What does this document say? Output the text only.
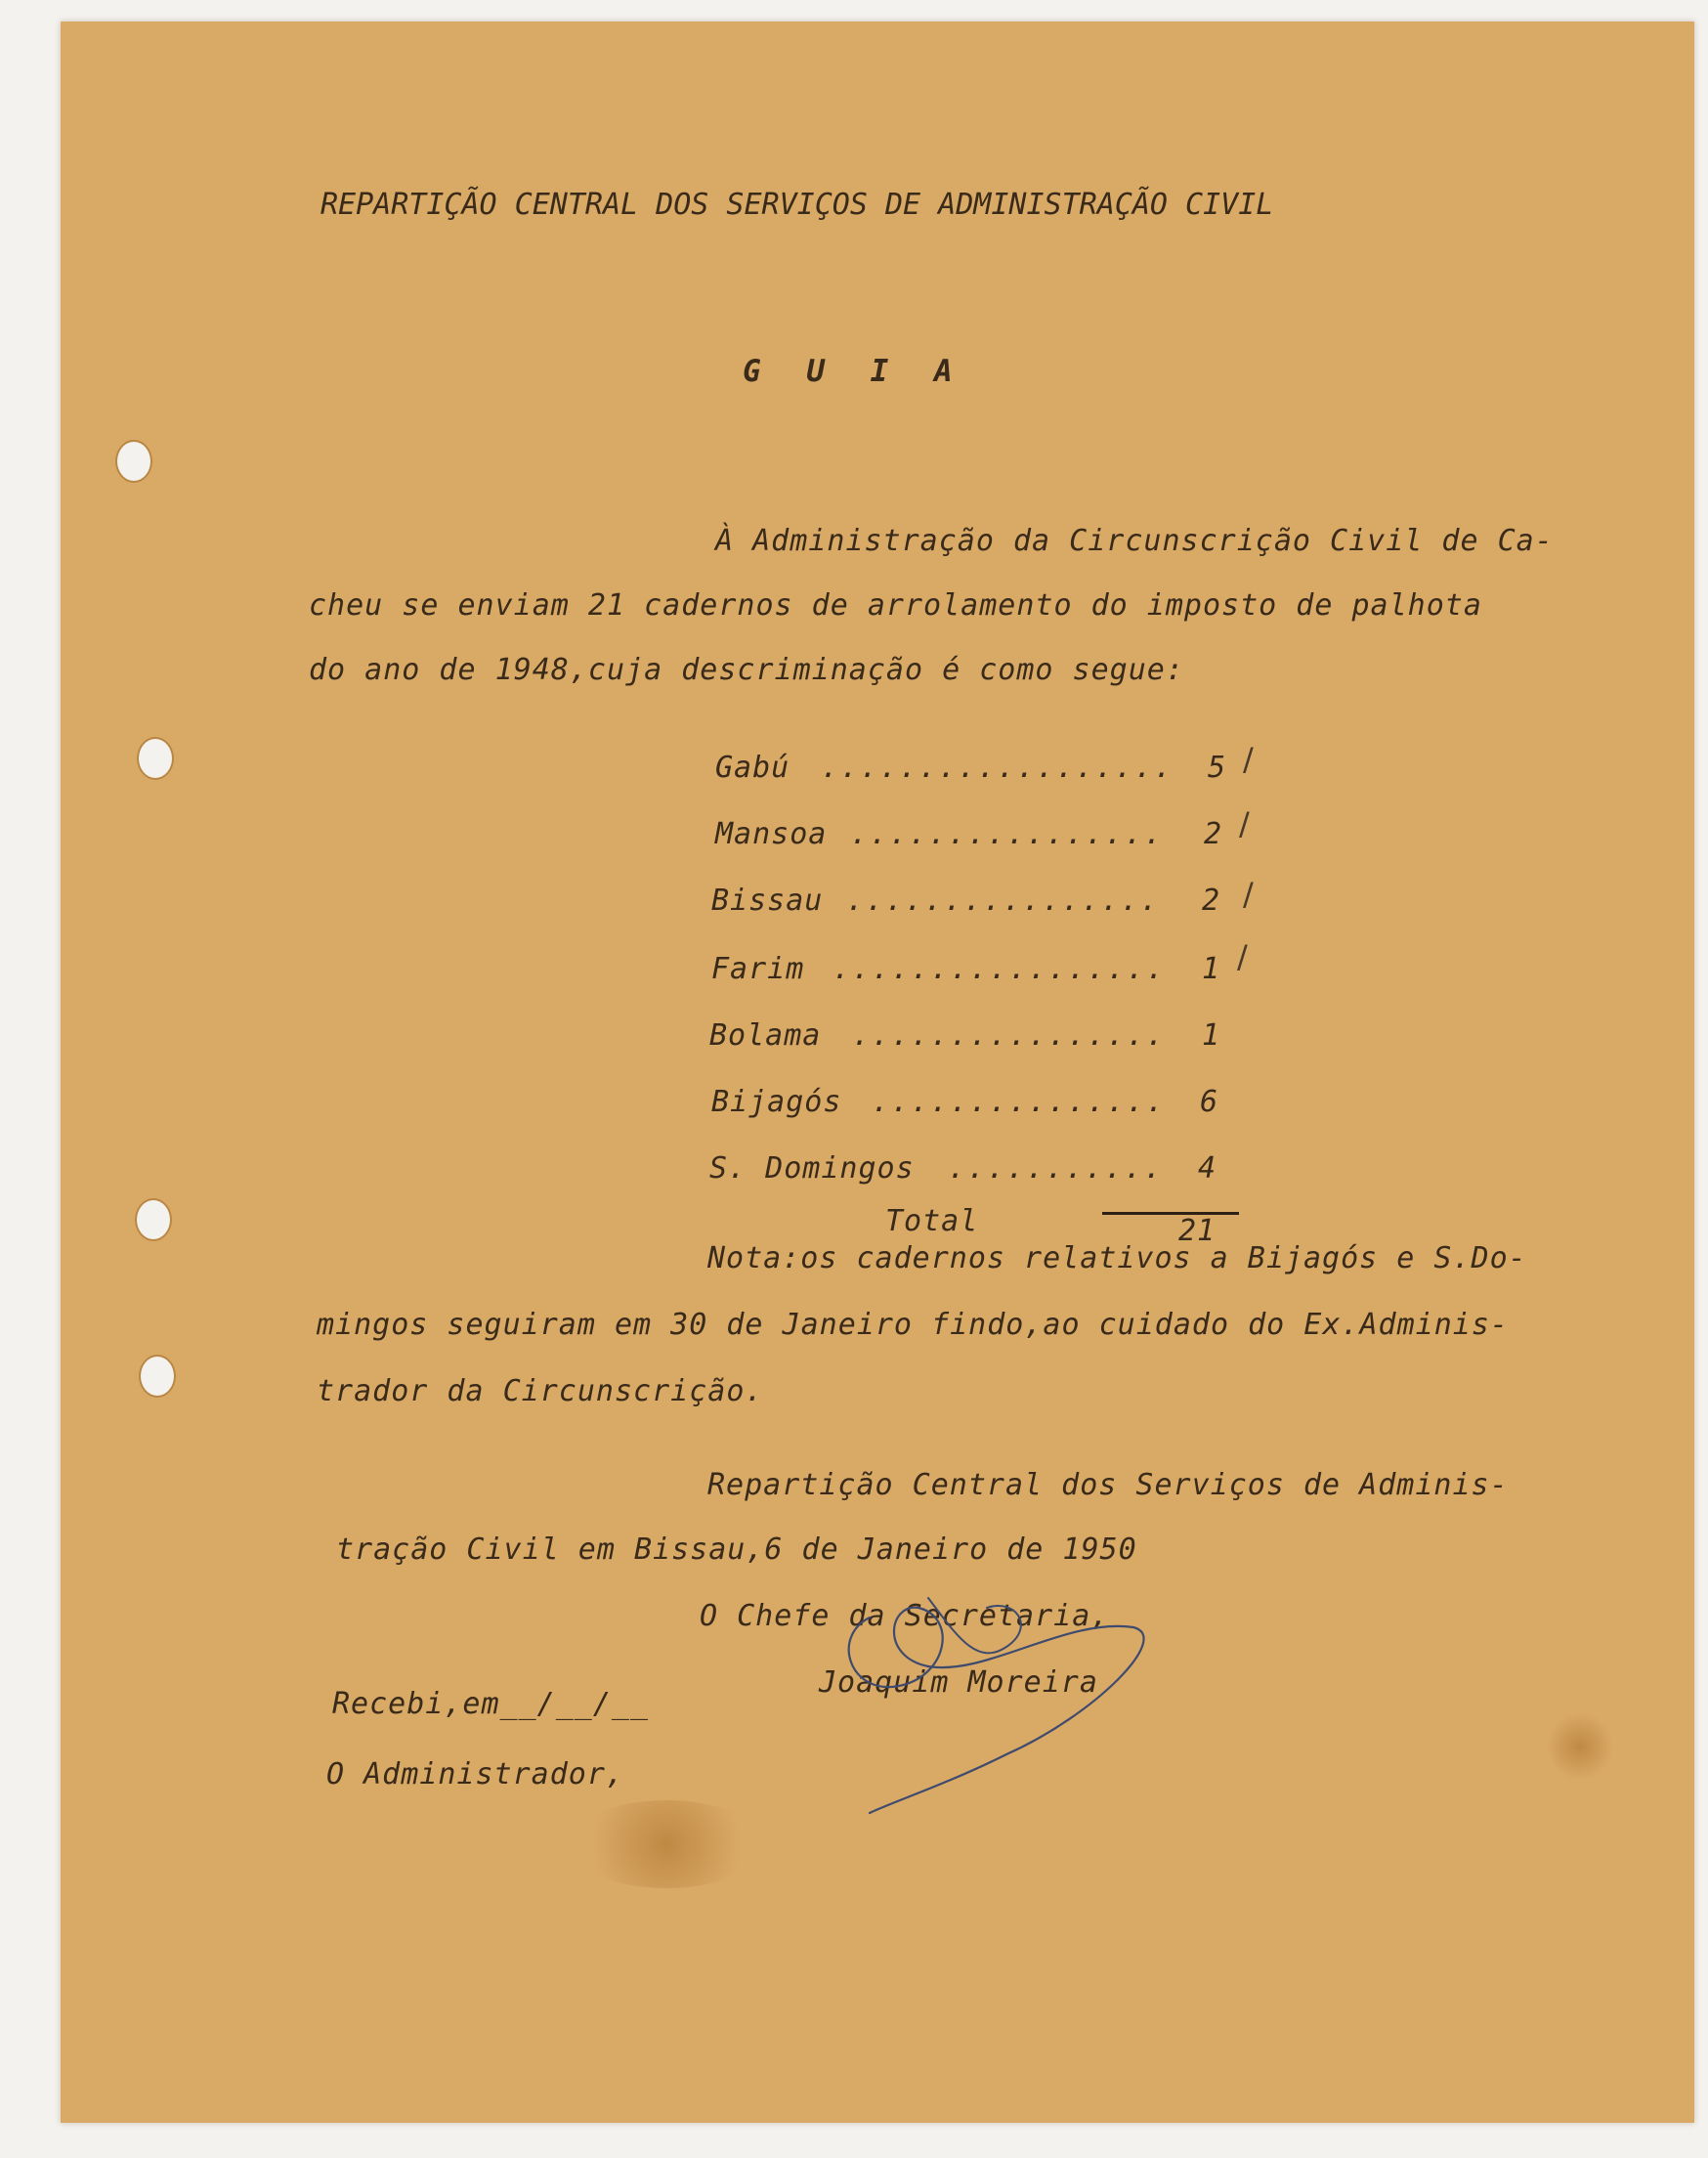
REPARTIÇÃO CENTRAL DOS SERVIÇOS DE ADMINISTRAÇÃO CIVIL
G U I A
À Administração da Circunscrição Civil de Ca-
cheu se enviam 21 cadernos de arrolamento do imposto de palhota
do ano de 1948,cuja descriminação é como segue:
Gabú .................. 5 /
Mansoa ................ 2 /
Bissau ................ 2 /
Farim ................. 1 /
Bolama ................ 1
Bijagós ............... 6
S. Domingos ........... 4
Total	21
Nota:os cadernos relativos a Bijagós e S.Do-
mingos seguiram em 30 de Janeiro findo,ao cuidado do Ex.Adminis-
trador da Circunscrição.
Repartição Central dos Serviços de Adminis-
tração Civil em Bissau,6 de Janeiro de 1950
O Chefe da Secretaria,
Joaquim Moreira
Recebi,em__/__/__
O Administrador,
